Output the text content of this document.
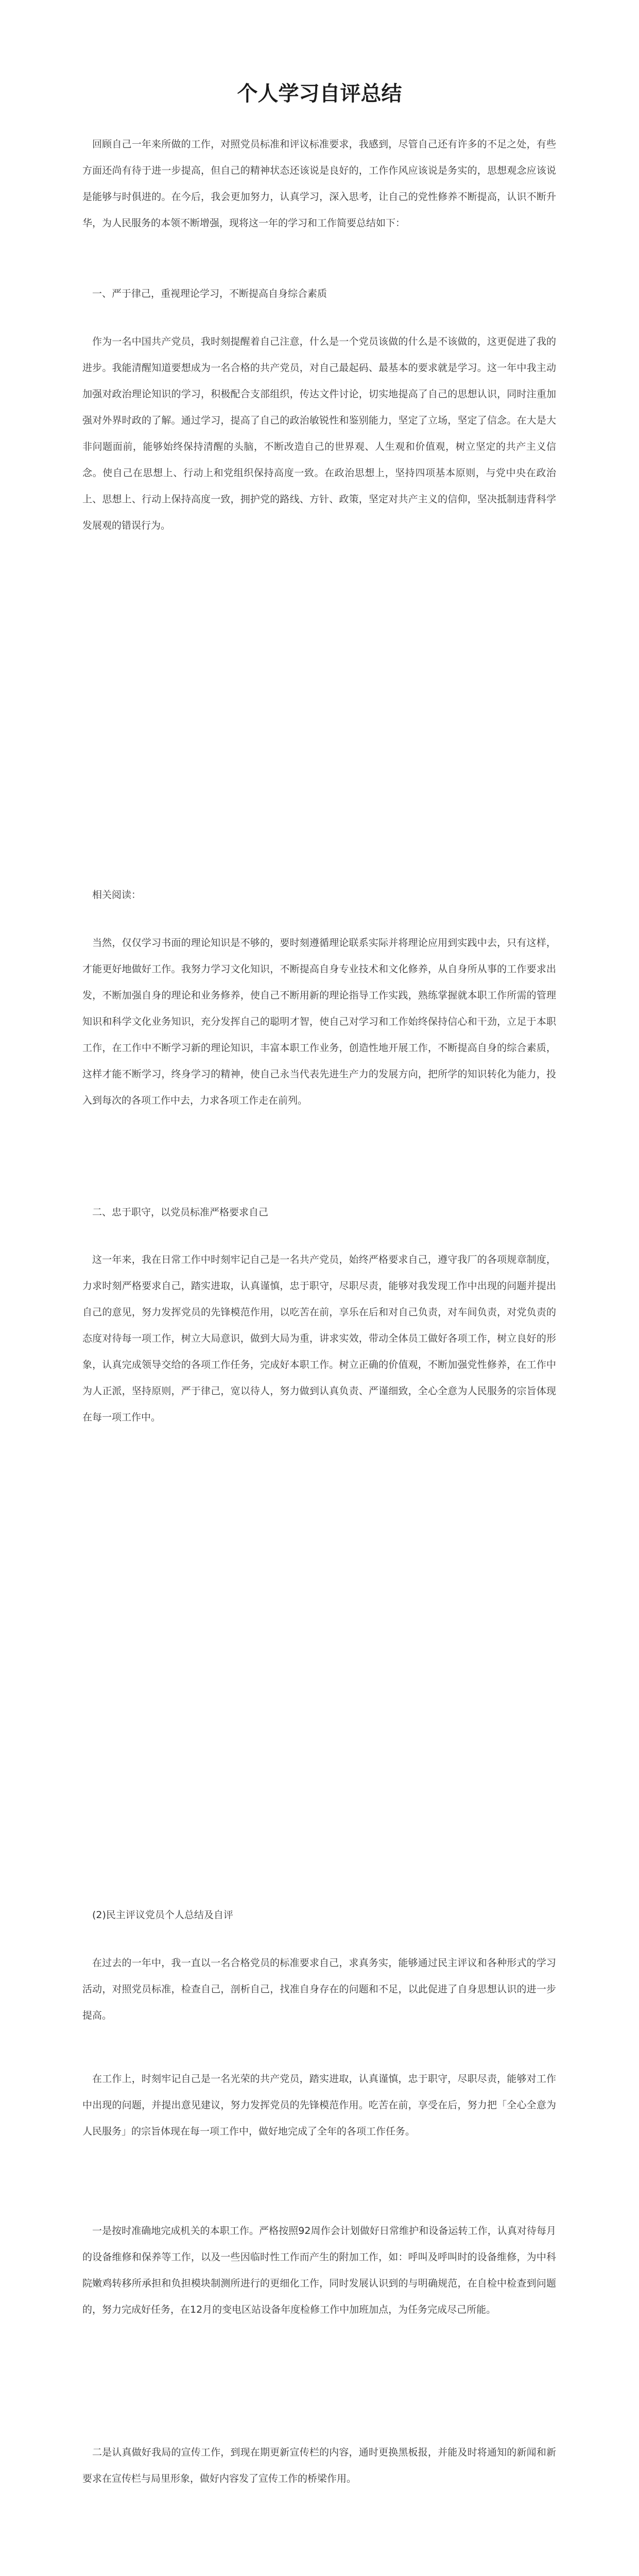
个人学习自评总结

回顾自己一年来所做的工作，对照党员标准和评议标准要求，我感到，尽管自己还有许多的不足之处，有些方面还尚有待于进一步提高，但自己的精神状态还该说是良好的，工作作风应该说是务实的，思想观念应该说是能够与时俱进的。在今后，我会更加努力，认真学习，深入思考，让自己的党性修养不断提高，认识不断升华，为人民服务的本领不断增强，现将这一年的学习和工作简要总结如下：

一、严于律己，重视理论学习，不断提高自身综合素质

作为一名中国共产党员，我时刻提醒着自己注意，什么是一个党员该做的什么是不该做的，这更促进了我的进步。我能清醒知道要想成为一名合格的共产党员，对自己最起码、最基本的要求就是学习。这一年中我主动加强对政治理论知识的学习，积极配合支部组织，传达文件讨论，切实地提高了自己的思想认识，同时注重加强对外界时政的了解。通过学习，提高了自己的政治敏锐性和鉴别能力，坚定了立场，坚定了信念。在大是大非问题面前，能够始终保持清醒的头脑，不断改造自己的世界观、人生观和价值观，树立坚定的共产主义信念。使自己在思想上、行动上和党组织保持高度一致。在政治思想上，坚持四项基本原则，与党中央在政治上、思想上、行动上保持高度一致，拥护党的路线、方针、政策，坚定对共产主义的信仰，坚决抵制违背科学发展观的错误行为。

相关阅读：

当然，仅仅学习书面的理论知识是不够的，要时刻遵循理论联系实际并将理论应用到实践中去，只有这样，才能更好地做好工作。我努力学习文化知识，不断提高自身专业技术和文化修养，从自身所从事的工作要求出发，不断加强自身的理论和业务修养，使自己不断用新的理论指导工作实践，熟练掌握就本职工作所需的管理知识和科学文化业务知识，充分发挥自己的聪明才智，使自己对学习和工作始终保持信心和干劲，立足于本职工作，在工作中不断学习新的理论知识，丰富本职工作业务，创造性地开展工作，不断提高自身的综合素质，这样才能不断学习，终身学习的精神，使自己永当代表先进生产力的发展方向，把所学的知识转化为能力，投入到每次的各项工作中去，力求各项工作走在前列。

二、忠于职守，以党员标准严格要求自己

这一年来，我在日常工作中时刻牢记自己是一名共产党员，始终严格要求自己，遵守我厂的各项规章制度，力求时刻严格要求自己，踏实进取，认真谨慎，忠于职守，尽职尽责，能够对我发现工作中出现的问题并提出自己的意见，努力发挥党员的先锋模范作用，以吃苦在前，享乐在后和对自己负责，对车间负责，对党负责的态度对待每一项工作，树立大局意识，做到大局为重，讲求实效，带动全体员工做好各项工作，树立良好的形象，认真完成领导交给的各项工作任务，完成好本职工作。树立正确的价值观，不断加强党性修养，在工作中为人正派，坚持原则，严于律己，宽以待人，努力做到认真负责、严谨细致，全心全意为人民服务的宗旨体现在每一项工作中。

(2)民主评议党员个人总结及自评

在过去的一年中，我一直以一名合格党员的标准要求自己，求真务实，能够通过民主评议和各种形式的学习活动，对照党员标准，检查自己，剖析自己，找准自身存在的问题和不足，以此促进了自身思想认识的进一步提高。

在工作上，时刻牢记自己是一名光荣的共产党员，踏实进取，认真谨慎，忠于职守，尽职尽责，能够对工作中出现的问题，并提出意见建议，努力发挥党员的先锋模范作用。吃苦在前，享受在后，努力把「全心全意为人民服务」的宗旨体现在每一项工作中，做好地完成了全年的各项工作任务。

一是按时准确地完成机关的本职工作。严格按照92周作会计划做好日常维护和设备运转工作，认真对待每月的设备维修和保养等工作，以及一些因临时性工作而产生的附加工作，如：呼叫及呼叫时的设备维修，为中科院嫩鸡转移所承担和负担模块制测所进行的更细化工作，同时发展认识到的与明确规范，在自检中检查到问题的，努力完成好任务，在12月的变电区站设备年度检修工作中加班加点，为任务完成尽己所能。

二是认真做好我局的宣传工作，到现在期更新宣传栏的内容，通时更换黑板报，并能及时将通知的新闻和新要求在宣传栏与局里形象，做好内容发了宣传工作的桥梁作用。
